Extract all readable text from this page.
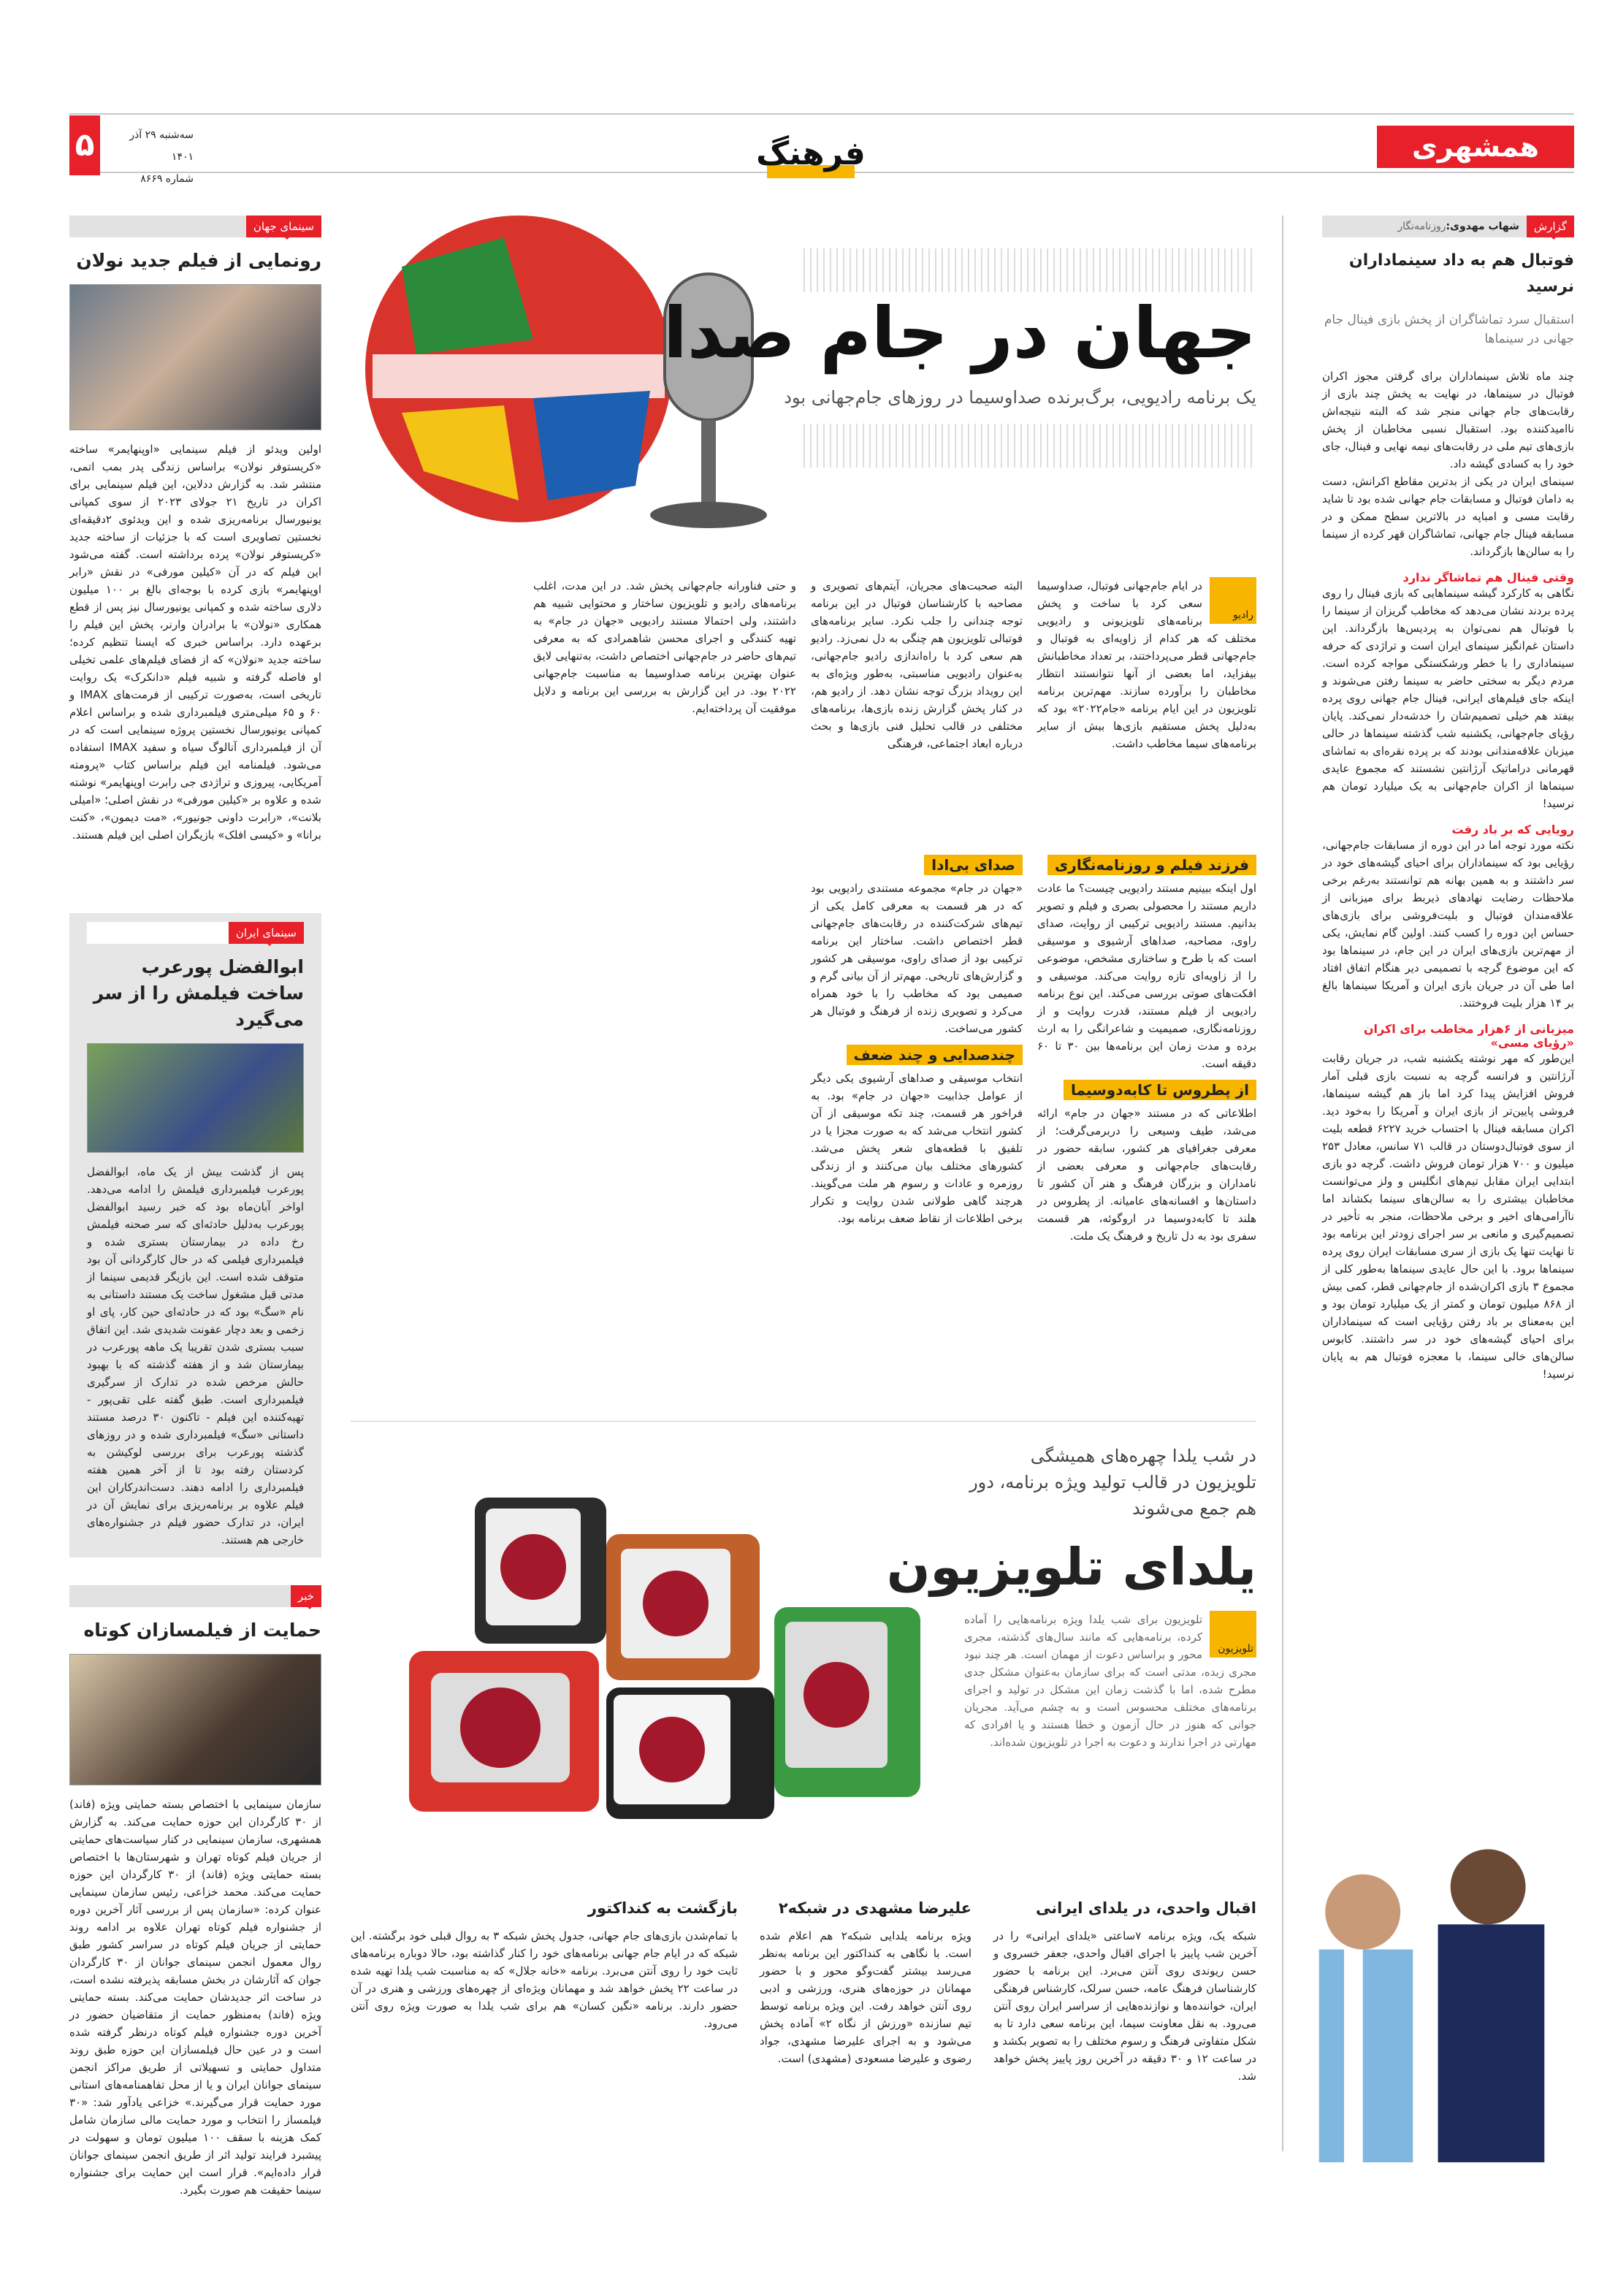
همشهری
فرهنگ
۵	سه‌شنبه ۲۹ آذر ۱۴۰۱
شماره ۸۶۶۹
سینمای جهان
رونمایی از فیلم جدید نولان

اولین ویدئو از فیلم سینمایی «اوپنهایمر» ساخته «کریستوفر نولان» براساس زندگی پدر بمب اتمی، منتشر شد. به گزارش ددلاین، این فیلم سینمایی برای اکران در تاریخ ۲۱ جولای ۲۰۲۳ از سوی کمپانی یونیورسال برنامه‌ریزی شده و این ویدئوی ۲دقیقه‌ای نخستین تصاویری است که با جزئیات از ساخته جدید «کریستوفر نولان» پرده برداشته است. گفته می‌شود این فیلم که در آن «کیلین مورفی» در نقش «رابر اوپنهایمر» بازی کرده با بوجه‌ای بالغ بر ۱۰۰ میلیون دلاری ساخته شده و کمپانی یونیورسال نیز پس از قطع همکاری «نولان» با برادران وارنر، پخش این فیلم را برعهده دارد. براساس خبری که ایسنا تنظیم کرده؛ ساخته جدید «نولان» که از فضای فیلم‌های علمی تخیلی او فاصله گرفته و شبیه فیلم «دانکرک» یک روایت تاریخی است، به‌صورت ترکیبی از فرمت‌های IMAX و ۶۰ و ۶۵ میلی‌متری فیلمبرداری شده و براساس اعلام کمپانی یونیورسال نخستین پروژه سینمایی است که در آن از فیلمبرداری آنالوگ سیاه و سفید IMAX استفاده می‌شود. فیلمنامه این فیلم براساس کتاب «پرومته آمریکایی، پیروزی و تراژدی جی رابرت اوپنهایمر» نوشته شده و علاوه بر «کیلین مورفی» در نقش اصلی؛ «امیلی بلانت»، «رابرت داونی جونیور»، «مت دیمون»، «کنت برانا» و «کیسی افلک» بازیگران اصلی این فیلم هستند.

سینمای ایران
ابوالفضل پورعرب ساخت فیلمش را از سر می‌گیرد

پس از گذشت بیش از یک ماه، ابوالفضل پورعرب فیلمبرداری فیلمش را ادامه می‌دهد. اواخر آبان‌ماه بود که خبر رسید ابوالفضل پورعرب به‌دلیل حادثه‌ای که سر صحنه فیلمش رخ داده در بیمارستان بستری شده و فیلمبرداری فیلمی که در حال کارگردانی آن بود متوقف شده است. این بازیگر قدیمی سینما از مدتی قبل مشغول ساخت یک مستند داستانی به نام «سگ» بود که در حادثه‌ای حین کار، پای او زخمی و بعد دچار عفونت شدیدی شد. این اتفاق سبب بستری شدن تقریبا یک ماهه پورعرب در بیمارستان شد و از هفته گذشته که با بهبود حالش مرخص شده در تدارک از سرگیری فیلمبرداری است. طبق گفته علی تقی‌پور - تهیه‌کننده این فیلم - تاکنون ۳۰ درصد مستند داستانی «سگ» فیلمبرداری شده و در روزهای گذشته پورعرب برای بررسی لوکیشن به کردستان رفته بود تا از آخر همین هفته فیلمبرداری را ادامه دهند. دست‌اندرکاران این فیلم علاوه بر برنامه‌ریزی برای نمایش آن در ایران، در تدارک حضور فیلم در جشنواره‌های خارجی هم هستند.

خبر
حمایت از فیلمسازان کوتاه

سازمان سینمایی با اختصاص بسته حمایتی ویژه (فاند) از ۳۰ کارگردان این حوزه حمایت می‌کند. به گزارش همشهری، سازمان سینمایی در کنار سیاست‌های حمایتی از جریان فیلم کوتاه تهران و شهرستان‌ها با اختصاص بسته حمایتی ویژه (فاند) از ۳۰ کارگردان این حوزه حمایت می‌کند. محمد خزاعی، رئیس سازمان سینمایی عنوان کرده: «سازمان پس از بررسی آثار آخرین دوره از جشنواره فیلم کوتاه تهران علاوه بر ادامه روند حمایتی از جریان فیلم کوتاه در سراسر کشور طبق روال معمول انجمن سینمای جوانان از ۳۰ کارگردان جوان که آثارشان در بخش مسابقه پذیرفته نشده است، در ساخت اثر جدیدشان حمایت می‌کند. بسته حمایتی ویژه (فاند) به‌منظور حمایت از متقاضیان حضور در آخرین دوره جشنواره فیلم کوتاه درنظر گرفته شده است و در عین حال فیلمسازان این حوزه طبق روند متداول حمایتی و تسهیلاتی از طریق مراکز انجمن سینمای جوانان ایران و یا از محل تفاهمنامه‌های استانی مورد حمایت قرار می‌گیرند.» خزاعی یادآور شد: «۳۰ فیلمساز را انتخاب و مورد حمایت مالی سازمان شامل کمک هزینه با سقف ۱۰۰ میلیون تومان و سهولت در پیشبرد فرایند تولید اثر از طریق انجمن سینمای جوانان قرار داده‌ایم». قرار است این حمایت برای جشنواره سینما حقیقت هم صورت بگیرد.

جهان در جام صدا
یک برنامه رادیویی، برگ‌برنده صداوسیما در روزهای جام‌جهانی بود
رادیو

در ایام جام‌جهانی فوتبال، صداوسیما سعی کرد با ساخت و پخش برنامه‌های تلویزیونی و رادیویی مختلف که هر کدام از زاویه‌ای به فوتبال و جام‌جهانی قطر می‌پرداختند، بر تعداد مخاطبانش بیفزاید، اما بعضی از آنها نتوانستند انتظار مخاطبان را برآورده سازند. مهم‌ترین برنامه تلویزیون در این ایام برنامه «جام۲۰۲۲» بود که به‌دلیل پخش مستقیم بازی‌ها بیش از سایر برنامه‌های سیما مخاطب داشت.

البته صحبت‌های مجریان، آیتم‌های تصویری و مصاحبه با کارشناسان فوتبال در این برنامه توجه چندانی را جلب نکرد. سایر برنامه‌های فوتبالی تلویزیون هم چنگی به دل نمی‌زد. رادیو هم سعی کرد با راه‌اندازی رادیو جام‌جهانی، به‌عنوان رادیویی مناسبتی، به‌طور ویژه‌ای به این رویداد بزرگ توجه نشان دهد. از رادیو هم، در کنار پخش گزارش زنده بازی‌ها، برنامه‌های مختلفی در قالب تحلیل فنی بازی‌ها و بحث درباره ابعاد اجتماعی، فرهنگی

و حتی فناورانه جام‌جهانی پخش شد. در این مدت، اغلب برنامه‌های رادیو و تلویزیون ساختار و محتوایی شبیه هم داشتند، ولی احتمالا مستند رادیویی «جهان در جام» به تهیه کنندگی و اجرای محسن شاهمرادی که به معرفی تیم‌های حاضر در جام‌جهانی اختصاص داشت، به‌تنهایی لایق عنوان بهترین برنامه صداوسیما به مناسبت جام‌جهانی ۲۰۲۲ بود. در این گزارش به بررسی این برنامه و دلایل موفقیت آن پرداخته‌ایم.

فرزند فیلم و روزنامه‌نگاری

اول اینکه ببینیم مستند رادیویی چیست؟ ما عادت داریم مستند را محصولی بصری و فیلم و تصویر بدانیم. مستند رادیویی ترکیبی از روایت، صدای راوی، مصاحبه، صداهای آرشیوی و موسیقی است که با طرح و ساختاری مشخص، موضوعی را از زاویه‌ای تازه روایت می‌کند. موسیقی و افکت‌های صوتی بررسی می‌کند. این نوع برنامه رادیویی از فیلم مستند، قدرت روایت و از روزنامه‌نگاری، صمیمیت و شاعرانگی را به ارث برده و مدت زمان این برنامه‌ها بین ۳۰ تا ۶۰ دقیقه است.

از پطروس تا کابه‌دوسیما

اطلاعاتی که در مستند «جهان در جام» ارائه می‌شد، طیف وسیعی را دربرمی‌گرفت؛ از معرفی جغرافیای هر کشور، سابقه حضور در رقابت‌های جام‌جهانی و معرفی بعضی از نامداران و بزرگان فرهنگ و هنر آن کشور تا داستان‌ها و افسانه‌های عامیانه. از پطروس در هلند تا کابه‌دوسیما در اروگوئه، هر قسمت سفری بود به دل تاریخ و فرهنگ یک ملت.

صدای بی‌ادا

«جهان در جام» مجموعه مستندی رادیویی بود که در هر قسمت به معرفی کامل یکی از تیم‌های شرکت‌کننده در رقابت‌های جام‌جهانی قطر اختصاص داشت. ساختار این برنامه ترکیبی بود از صدای راوی، موسیقی هر کشور و گزارش‌های تاریخی. مهم‌تر از آن بیانی گرم و صمیمی بود که مخاطب را با خود همراه می‌کرد و تصویری زنده از فرهنگ و فوتبال هر کشور می‌ساخت.

چندصدایی و چند ضعف

انتخاب موسیقی و صداهای آرشیوی یکی دیگر از عوامل جذابیت «جهان در جام» بود. به فراخور هر قسمت، چند تکه موسیقی از آن کشور انتخاب می‌شد که به صورت مجزا یا در تلفیق با قطعه‌های شعر پخش می‌شد. کشورهای مختلف بیان می‌کنند و از زندگی روزمره و عادات و رسوم هر ملت می‌گویند. هرچند گاهی طولانی شدن روایت و تکرار برخی اطلاعات از نقاط ضعف برنامه بود.

در شب یلدا چهره‌های همیشگی تلویزیون در قالب تولید ویژه برنامه، دور هم جمع می‌شوند
یلدای تلویزیون
تلویزیون

تلویزیون برای شب یلدا ویژه برنامه‌هایی را آماده کرده، برنامه‌هایی که مانند سال‌های گذشته، مجری محور و براساس دعوت از مهمان است. هر چند نبود مجری زبده، مدتی است که برای سازمان به‌عنوان مشکل جدی مطرح شده، اما با گذشت زمان این مشکل در تولید و اجرای برنامه‌های مختلف محسوس است و به چشم می‌آید. مجریان جوانی که هنوز در حال آزمون و خطا هستند و یا افرادی که مهارتی در اجرا ندارند و دعوت به اجرا در تلویزیون شده‌اند.

اقبال واحدی، در یلدای ایرانی

شبکه یک، ویژه برنامه ۷ساعتی «یلدای ایرانی» را در آخرین شب پاییز با اجرای اقبال واحدی، جعفر خسروی و حسن ریوندی روی آنتن می‌برد. این برنامه با حضور کارشناسان فرهنگ عامه، حسن سرلک، کارشناس فرهنگی ایران، خواننده‌ها و نوازنده‌هایی از سراسر ایران روی آنتن می‌رود. به نقل معاونت سیما، این برنامه سعی دارد تا به شکل متفاوتی فرهنگ و رسوم مختلف را به تصویر بکشد و در ساعت ۱۲ و ۳۰ دقیقه در آخرین روز پاییز پخش خواهد شد.

علیرضا مشهدی در شبکه۲

ویژه برنامه یلدایی شبکه۲ هم اعلام شده است. با نگاهی به کنداکتور این برنامه به‌نظر می‌رسد بیشتر گفت‌وگو محور و با حضور مهمانان در حوزه‌های هنری، ورزشی و ادبی روی آنتن خواهد رفت. این ویژه برنامه توسط تیم سازنده «ورزش از نگاه ۲» آماده پخش می‌شود و به اجرای علیرضا مشهدی، جواد رضوی و علیرضا مسعودی (مشهدی) است.

بازگشت به کنداکتور

با تمام‌شدن بازی‌های جام جهانی، جدول پخش شبکه ۳ به روال قبلی خود برگشته. این شبکه که در ایام جام جهانی برنامه‌های خود را کنار گذاشته بود، حالا دوباره برنامه‌های ثابت خود را روی آنتن می‌برد. برنامه «خانه جلال» که به مناسبت شب یلدا تهیه شده در ساعت ۲۲ پخش خواهد شد و مهمانان ویژه‌ای از چهره‌های ورزشی و هنری در آن حضور دارند. برنامه «نگین کسان» هم برای شب یلدا به صورت ویژه روی آنتن می‌رود.

گزارش
شهاب مهدوی:روزنامه‌نگار
فوتبال هم به داد سینماداران نرسید
استقبال سرد تماشاگران از پخش بازی فینال جام جهانی در سینماها

چند ماه تلاش سینماداران برای گرفتن مجوز اکران فوتبال در سینماها، در نهایت به پخش چند بازی از رقابت‌های جام جهانی منجر شد که البته نتیجه‌اش ناامیدکننده بود. استقبال نسبی مخاطبان از پخش بازی‌های تیم ملی در رقابت‌های نیمه نهایی و فینال، جای خود را به کسادی گیشه داد.

سینمای ایران در یکی از بدترین مقاطع اکرانش، دست به دامان فوتبال و مسابقات جام جهانی شده بود تا شاید رقابت مسی و امباپه در بالاترین سطح ممکن و در مسابقه فینال جام جهانی، تماشاگران قهر کرده از سینما را به سالن‌ها بازگرداند.

وقتی فینال هم تماشاگر ندارد

نگاهی به کارکرد گیشه سینماهایی که بازی فینال را روی پرده بردند نشان می‌دهد که مخاطب گریزان از سینما را با فوتبال هم نمی‌توان به پردیس‌ها بازگرداند. این داستان غم‌انگیز سینمای ایران است و تراژدی که حرفه سینماداری را با خطر ورشکستگی مواجه کرده است. مردم دیگر به سختی حاضر به سینما رفتن می‌شوند و اینکه جای فیلم‌های ایرانی، فینال جام جهانی روی پرده بیفتد هم خیلی تصمیم‌شان را خدشه‌دار نمی‌کند. پایان رؤیای جام‌جهانی، یکشنبه شب گذشته سینماها در حالی میزبان علاقه‌مندانی بودند که بر پرده نقره‌ای به تماشای قهرمانی دراماتیک آرژانتین نشستند که مجموع عایدی سینماها از اکران جام‌جهانی به یک میلیارد تومان هم نرسید!

رویایی که بر باد رفت

نکته مورد توجه اما در این دوره از مسابقات جام‌جهانی، رؤیایی بود که سینماداران برای احیای گیشه‌های خود در سر داشتند و به همین بهانه هم توانستند به‌رغم برخی ملاحظات رضایت نهادهای ذیربط برای میزبانی از علاقه‌مندان فوتبال و بلیت‌فروشی برای بازی‌های حساس این دوره را کسب کنند. اولین گام نمایش، یکی از مهم‌ترین بازی‌های ایران در این جام، در سینماها بود که این موضوع گرچه با تصمیمی دیر هنگام اتفاق افتاد اما طی آن در جریان بازی ایران و آمریکا سینماها بالغ بر ۱۴ هزار بلیت فروختند.

میزبانی از ۶هزار مخاطب برای اکران «رؤیای مسی»

این‌طور که مهر نوشته یکشنبه شب، در جریان رقابت آرژانتین و فرانسه گرچه به نسبت بازی قبلی آمار فروش افزایش پیدا کرد اما باز هم گیشه سینماها، فروشی پایین‌تر از بازی ایران و آمریکا را به‌خود دید. اکران مسابقه فینال با احتساب خرید ۶۲۲۷ قطعه بلیت از سوی فوتبال‌دوستان در قالب ۷۱ سانس، معادل ۲۵۳ میلیون و ۷۰۰ هزار تومان فروش داشت. گرچه دو بازی ابتدایی ایران مقابل تیم‌های انگلیس و ولز می‌توانست مخاطبان بیشتری را به سالن‌های سینما بکشاند اما ناآرامی‌های اخیر و برخی ملاحظات، منجر به تأخیر در تصمیم‌گیری و مانعی بر سر اجرای زودتر این برنامه بود تا نهایت تنها یک بازی از سری مسابقات ایران روی پرده سینماها برود. با این حال عایدی سینماها به‌طور کلی از مجموع ۳ بازی اکران‌شده از جام‌جهانی قطر، کمی بیش از ۸۶۸ میلیون تومان و کمتر از یک میلیارد تومان بود و این به‌معنای بر باد رفتن رؤیایی است که سینماداران برای احیای گیشه‌های خود در سر داشتند. کابوس سالن‌های خالی سینما، با معجزه فوتبال هم به پایان نرسید!
